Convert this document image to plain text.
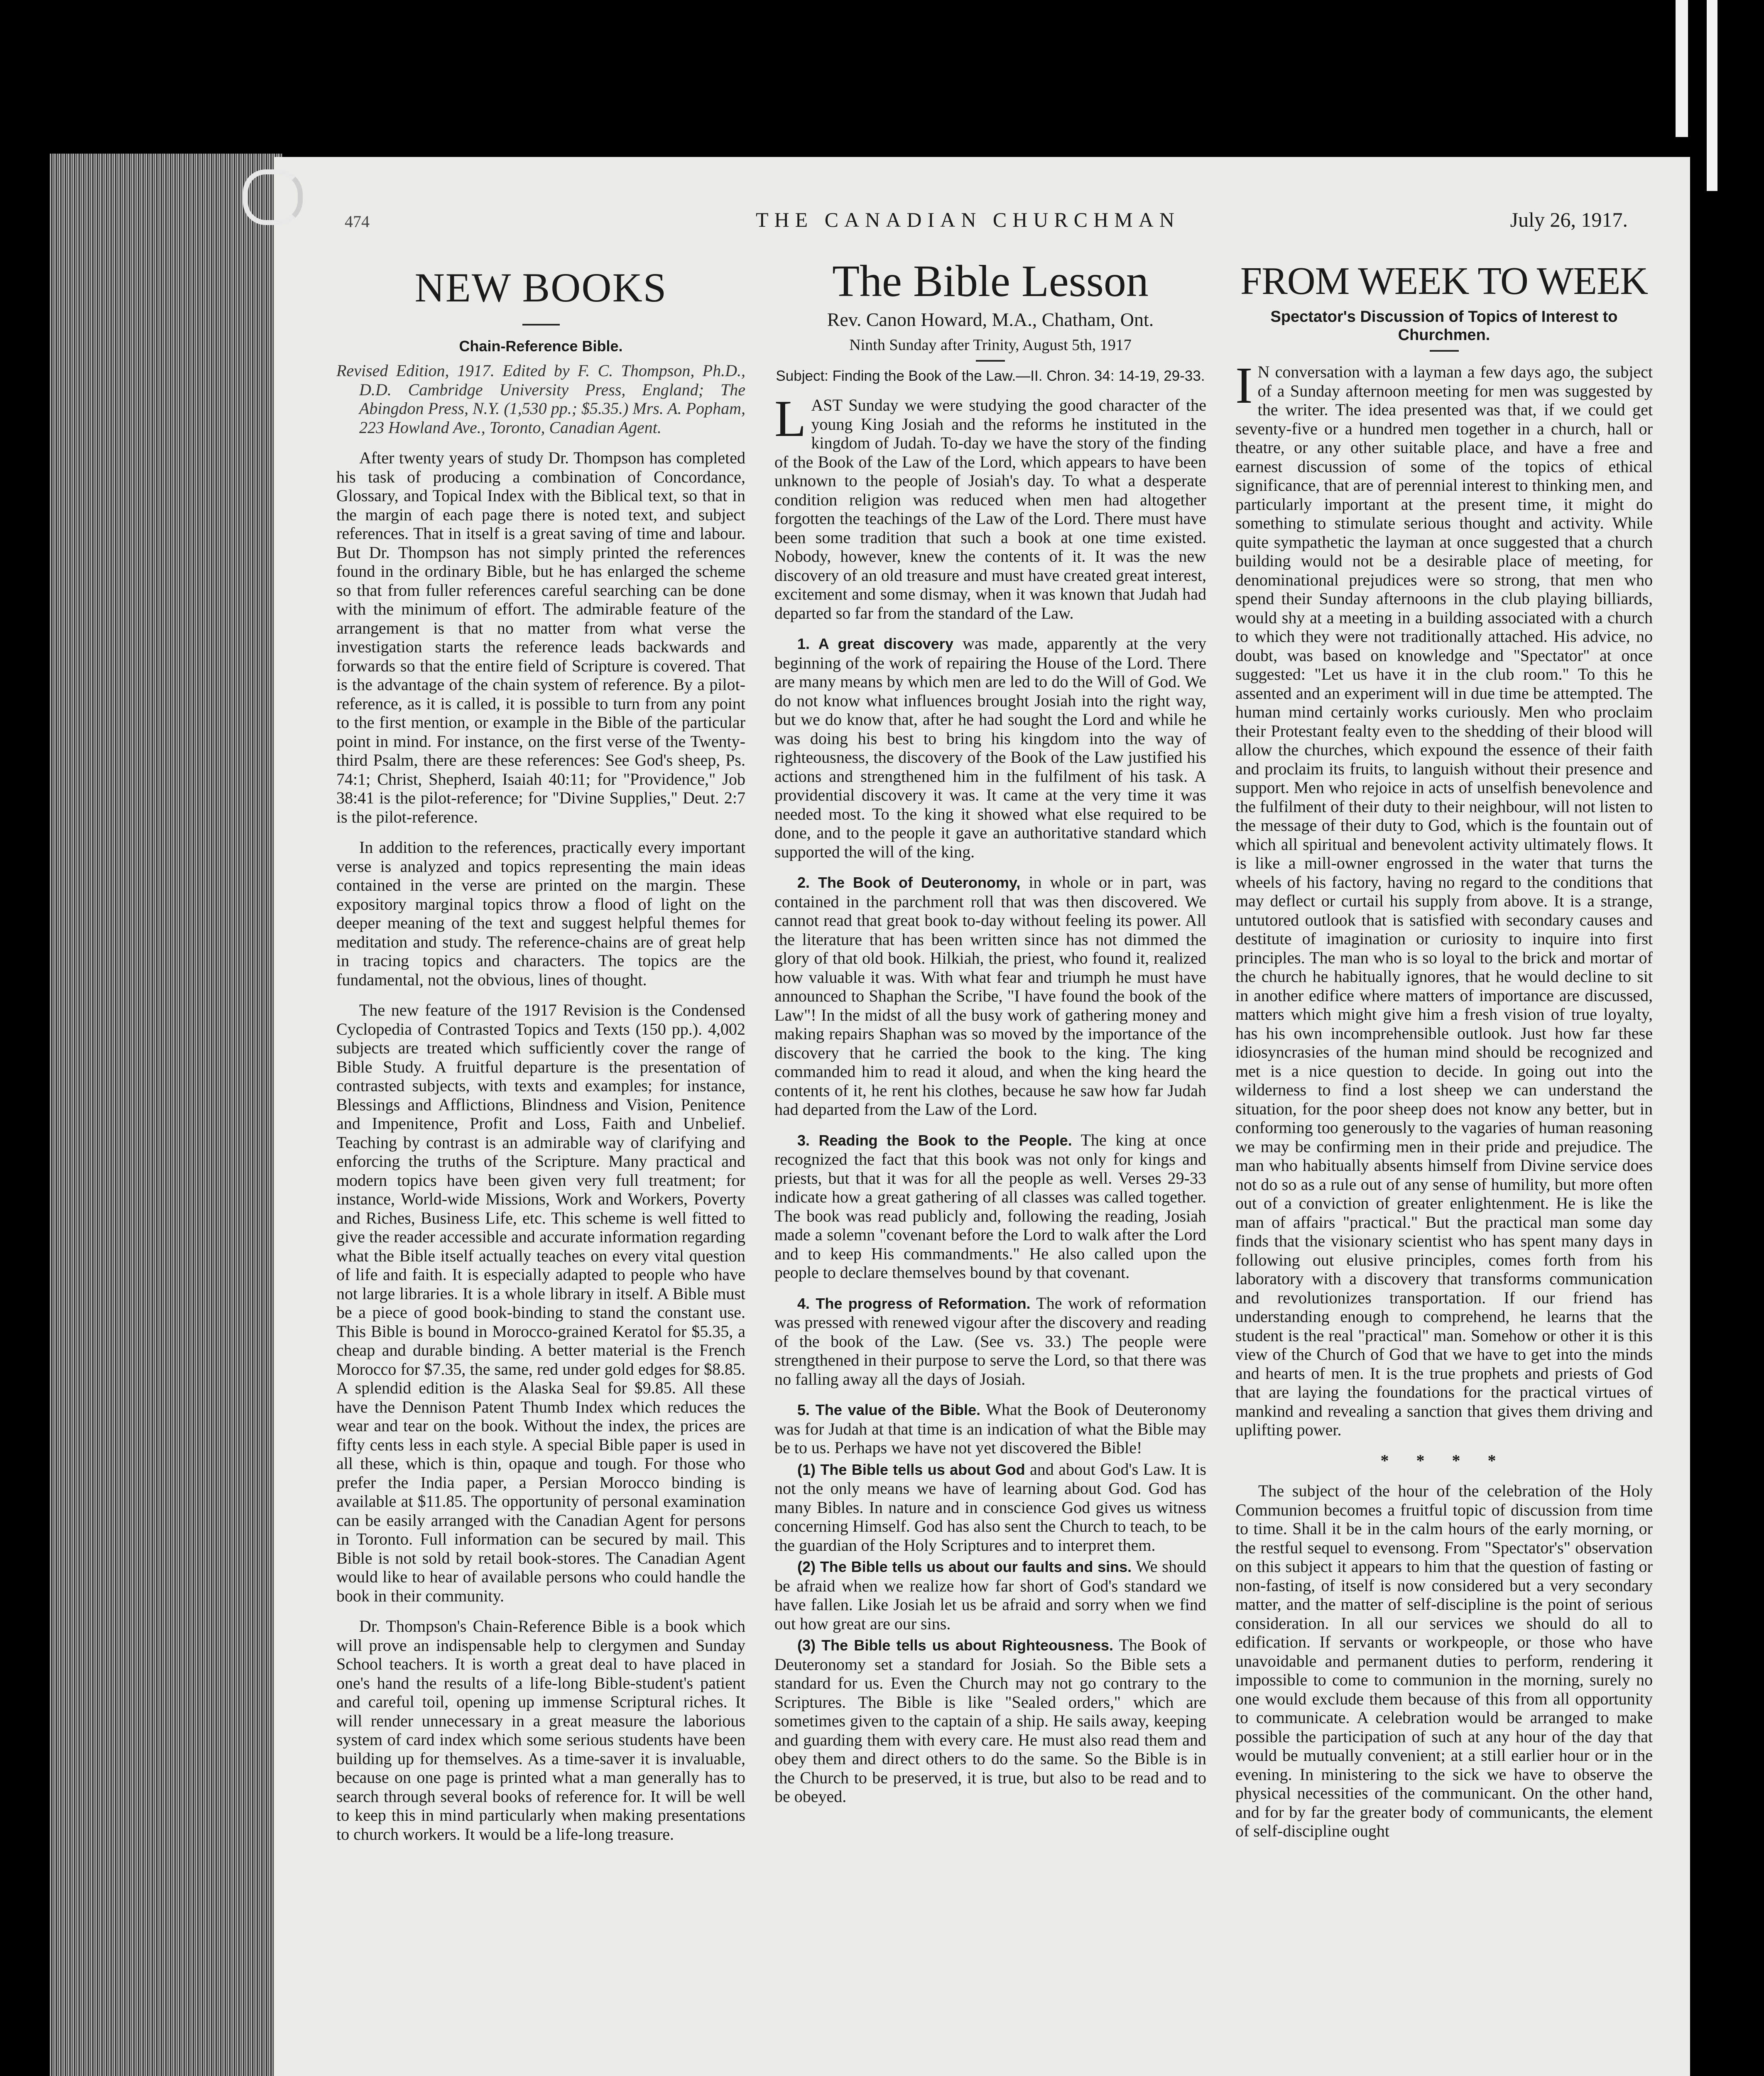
474	THE CANADIAN CHURCHMAN	July 26, 1917.
NEW BOOKS
Chain-Reference Bible.
Revised Edition, 1917. Edited by F. C. Thompson, Ph.D., D.D. Cambridge University Press, England; The Abingdon Press, N.Y. (1,530 pp.; $5.35.) Mrs. A. Popham, 223 Howland Ave., Toronto, Canadian Agent.

After twenty years of study Dr. Thompson has completed his task of producing a combination of Concordance, Glossary, and Topical Index with the Biblical text, so that in the margin of each page there is noted text, and subject references. That in itself is a great saving of time and labour. But Dr. Thompson has not simply printed the references found in the ordinary Bible, but he has enlarged the scheme so that from fuller references careful searching can be done with the minimum of effort. The admirable feature of the arrangement is that no matter from what verse the investigation starts the reference leads backwards and forwards so that the entire field of Scripture is covered. That is the advantage of the chain system of reference. By a pilot-reference, as it is called, it is possible to turn from any point to the first mention, or example in the Bible of the particular point in mind. For instance, on the first verse of the Twenty-third Psalm, there are these references: See God's sheep, Ps. 74:1; Christ, Shepherd, Isaiah 40:11; for "Providence," Job 38:41 is the pilot-reference; for "Divine Supplies," Deut. 2:7 is the pilot-reference.

In addition to the references, practically every important verse is analyzed and topics representing the main ideas contained in the verse are printed on the margin. These expository marginal topics throw a flood of light on the deeper meaning of the text and suggest helpful themes for meditation and study. The reference-chains are of great help in tracing topics and characters. The topics are the fundamental, not the obvious, lines of thought.

The new feature of the 1917 Revision is the Condensed Cyclopedia of Contrasted Topics and Texts (150 pp.). 4,002 subjects are treated which sufficiently cover the range of Bible Study. A fruitful departure is the presentation of contrasted subjects, with texts and examples; for instance, Blessings and Afflictions, Blindness and Vision, Penitence and Impenitence, Profit and Loss, Faith and Unbelief. Teaching by contrast is an admirable way of clarifying and enforcing the truths of the Scripture. Many practical and modern topics have been given very full treatment; for instance, World-wide Missions, Work and Workers, Poverty and Riches, Business Life, etc. This scheme is well fitted to give the reader accessible and accurate information regarding what the Bible itself actually teaches on every vital question of life and faith. It is especially adapted to people who have not large libraries. It is a whole library in itself. A Bible must be a piece of good book-binding to stand the constant use. This Bible is bound in Morocco-grained Keratol for $5.35, a cheap and durable binding. A better material is the French Morocco for $7.35, the same, red under gold edges for $8.85. A splendid edition is the Alaska Seal for $9.85. All these have the Dennison Patent Thumb Index which reduces the wear and tear on the book. Without the index, the prices are fifty cents less in each style. A special Bible paper is used in all these, which is thin, opaque and tough. For those who prefer the India paper, a Persian Morocco binding is available at $11.85. The opportunity of personal examination can be easily arranged with the Canadian Agent for persons in Toronto. Full information can be secured by mail. This Bible is not sold by retail book-stores. The Canadian Agent would like to hear of available persons who could handle the book in their community.

Dr. Thompson's Chain-Reference Bible is a book which will prove an indispensable help to clergymen and Sunday School teachers. It is worth a great deal to have placed in one's hand the results of a life-long Bible-student's patient and careful toil, opening up immense Scriptural riches. It will render unnecessary in a great measure the laborious system of card index which some serious students have been building up for themselves. As a time-saver it is invaluable, because on one page is printed what a man generally has to search through several books of reference for. It will be well to keep this in mind particularly when making presentations to church workers. It would be a life-long treasure.

The Bible Lesson
Rev. Canon Howard, M.A., Chatham, Ont.
Ninth Sunday after Trinity, August 5th, 1917
Subject: Finding the Book of the Law.—II. Chron. 34: 14-19, 29-33.

LAST Sunday we were studying the good character of the young King Josiah and the reforms he instituted in the kingdom of Judah. To-day we have the story of the finding of the Book of the Law of the Lord, which appears to have been unknown to the people of Josiah's day. To what a desperate condition religion was reduced when men had altogether forgotten the teachings of the Law of the Lord. There must have been some tradition that such a book at one time existed. Nobody, however, knew the contents of it. It was the new discovery of an old treasure and must have created great interest, excitement and some dismay, when it was known that Judah had departed so far from the standard of the Law.

1. A great discovery was made, apparently at the very beginning of the work of repairing the House of the Lord. There are many means by which men are led to do the Will of God. We do not know what influences brought Josiah into the right way, but we do know that, after he had sought the Lord and while he was doing his best to bring his kingdom into the way of righteousness, the discovery of the Book of the Law justified his actions and strengthened him in the fulfilment of his task. A providential discovery it was. It came at the very time it was needed most. To the king it showed what else required to be done, and to the people it gave an authoritative standard which supported the will of the king.

2. The Book of Deuteronomy, in whole or in part, was contained in the parchment roll that was then discovered. We cannot read that great book to-day without feeling its power. All the literature that has been written since has not dimmed the glory of that old book. Hilkiah, the priest, who found it, realized how valuable it was. With what fear and triumph he must have announced to Shaphan the Scribe, "I have found the book of the Law"! In the midst of all the busy work of gathering money and making repairs Shaphan was so moved by the importance of the discovery that he carried the book to the king. The king commanded him to read it aloud, and when the king heard the contents of it, he rent his clothes, because he saw how far Judah had departed from the Law of the Lord.

3. Reading the Book to the People. The king at once recognized the fact that this book was not only for kings and priests, but that it was for all the people as well. Verses 29-33 indicate how a great gathering of all classes was called together. The book was read publicly and, following the reading, Josiah made a solemn "covenant before the Lord to walk after the Lord and to keep His commandments." He also called upon the people to declare themselves bound by that covenant.

4. The progress of Reformation. The work of reformation was pressed with renewed vigour after the discovery and reading of the book of the Law. (See vs. 33.) The people were strengthened in their purpose to serve the Lord, so that there was no falling away all the days of Josiah.

5. The value of the Bible. What the Book of Deuteronomy was for Judah at that time is an indication of what the Bible may be to us. Perhaps we have not yet discovered the Bible!

(1) The Bible tells us about God and about God's Law. It is not the only means we have of learning about God. God has many Bibles. In nature and in conscience God gives us witness concerning Himself. God has also sent the Church to teach, to be the guardian of the Holy Scriptures and to interpret them.

(2) The Bible tells us about our faults and sins. We should be afraid when we realize how far short of God's standard we have fallen. Like Josiah let us be afraid and sorry when we find out how great are our sins.

(3) The Bible tells us about Righteousness. The Book of Deuteronomy set a standard for Josiah. So the Bible sets a standard for us. Even the Church may not go contrary to the Scriptures. The Bible is like "Sealed orders," which are sometimes given to the captain of a ship. He sails away, keeping and guarding them with every care. He must also read them and obey them and direct others to do the same. So the Bible is in the Church to be preserved, it is true, but also to be read and to be obeyed.

FROM WEEK TO WEEK
Spectator's Discussion of Topics of Interest to Churchmen.

I N conversation with a layman a few days ago, the subject of a Sunday afternoon meeting for men was suggested by the writer. The idea presented was that, if we could get seventy-five or a hundred men together in a church, hall or theatre, or any other suitable place, and have a free and earnest discussion of some of the topics of ethical significance, that are of perennial interest to thinking men, and particularly important at the present time, it might do something to stimulate serious thought and activity. While quite sympathetic the layman at once suggested that a church building would not be a desirable place of meeting, for denominational prejudices were so strong, that men who spend their Sunday afternoons in the club playing billiards, would shy at a meeting in a building associated with a church to which they were not traditionally attached. His advice, no doubt, was based on knowledge and "Spectator" at once suggested: "Let us have it in the club room." To this he assented and an experiment will in due time be attempted. The human mind certainly works curiously. Men who proclaim their Protestant fealty even to the shedding of their blood will allow the churches, which expound the essence of their faith and proclaim its fruits, to languish without their presence and support. Men who rejoice in acts of unselfish benevolence and the fulfilment of their duty to their neighbour, will not listen to the message of their duty to God, which is the fountain out of which all spiritual and benevolent activity ultimately flows. It is like a mill-owner engrossed in the water that turns the wheels of his factory, having no regard to the conditions that may deflect or curtail his supply from above. It is a strange, untutored outlook that is satisfied with secondary causes and destitute of imagination or curiosity to inquire into first principles. The man who is so loyal to the brick and mortar of the church he habitually ignores, that he would decline to sit in another edifice where matters of importance are discussed, matters which might give him a fresh vision of true loyalty, has his own incomprehensible outlook. Just how far these idiosyncrasies of the human mind should be recognized and met is a nice question to decide. In going out into the wilderness to find a lost sheep we can understand the situation, for the poor sheep does not know any better, but in conforming too generously to the vagaries of human reasoning we may be confirming men in their pride and prejudice. The man who habitually absents himself from Divine service does not do so as a rule out of any sense of humility, but more often out of a conviction of greater enlightenment. He is like the man of affairs "practical." But the practical man some day finds that the visionary scientist who has spent many days in following out elusive principles, comes forth from his laboratory with a discovery that transforms communication and revolutionizes transportation. If our friend has understanding enough to comprehend, he learns that the student is the real "practical" man. Somehow or other it is this view of the Church of God that we have to get into the minds and hearts of men. It is the true prophets and priests of God that are laying the foundations for the practical virtues of mankind and revealing a sanction that gives them driving and uplifting power.

* * * *

The subject of the hour of the celebration of the Holy Communion becomes a fruitful topic of discussion from time to time. Shall it be in the calm hours of the early morning, or the restful sequel to evensong. From "Spectator's" observation on this subject it appears to him that the question of fasting or non-fasting, of itself is now considered but a very secondary matter, and the matter of self-discipline is the point of serious consideration. In all our services we should do all to edification. If servants or workpeople, or those who have unavoidable and permanent duties to perform, rendering it impossible to come to communion in the morning, surely no one would exclude them because of this from all opportunity to communicate. A celebration would be arranged to make possible the participation of such at any hour of the day that would be mutually convenient; at a still earlier hour or in the evening. In ministering to the sick we have to observe the physical necessities of the communicant. On the other hand, and for by far the greater body of communicants, the element of self-discipline ought
